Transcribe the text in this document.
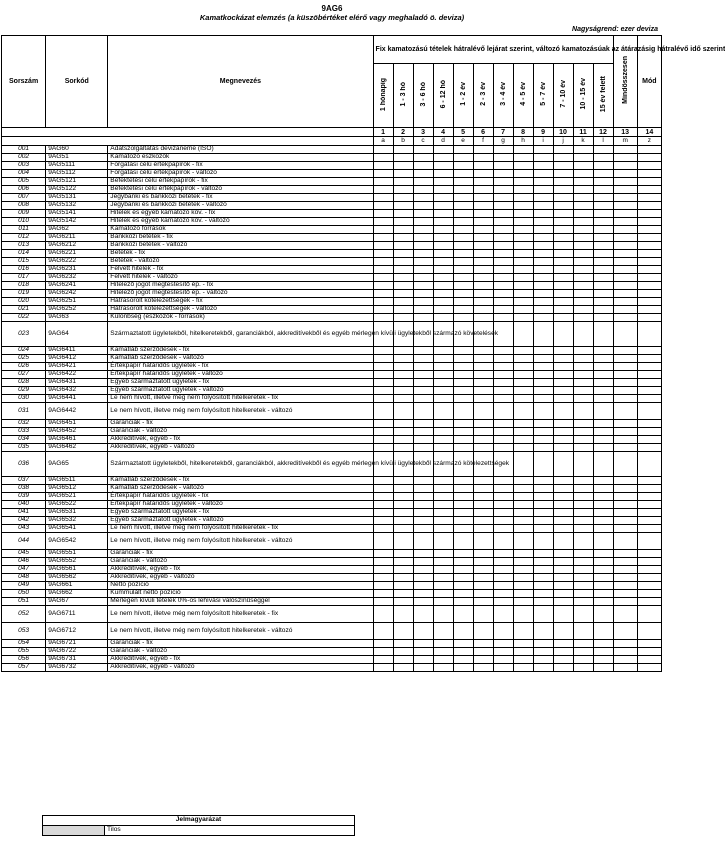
9AG6
Kamatkockázat elemzés (a küszöbértéket elérő vagy meghaladó ö. deviza)
Nagyságrend: ezer deviza
Sorszám	Sorkód	Megnevezés	Fix kamatozású tételek hátralévő lejárat szerint, változó kamatozásúak az átárazásig hátralévő idő szerint												Mindösszesen	Mód
			1 hónapig	1 - 3 hó	3 - 6 hó	6 - 12 hó	1 - 2 év	2 - 3 év	3 - 4 év	4 - 5 év	5 - 7 év	7 - 10 év	10 - 15 év	15 év felett		
			1	2	3	4	5	6	7	8	9	10	11	12	13	14
			a	b	c	d	e	f	g	h	i	j	k	l	m	z
001	9AG60	Adatszolgáltatás devizaneme (ISO)														
002	9AG51	Kamatozó eszközök														
003	9AG5111	Forgatási célú értékpapírok - fix														
004	9AG5112	Forgatási célú értékpapírok - változó														
005	9AG5121	Befektetési célú értékpapírok - fix														
006	9AG5122	Befektetési célú értékpapírok - változó														
007	9AG5131	Jegybanki és bankközi betétek - fix														
008	9AG5132	Jegybanki és bankközi betétek - változó														
009	9AG5141	Hitelek és egyéb kamatozó köv. - fix														
010	9AG5142	Hitelek és egyéb kamatozó köv. - változó														
011	9AG62	Kamatozó források														
012	9AG6211	Bankközi betétek - fix														
013	9AG6212	Bankközi betétek - változó														
014	9AG6221	Betétek - fix														
015	9AG6222	Betétek - változó														
016	9AG6231	Felvett hitelek - fix														
017	9AG6232	Felvett hitelek - változó														
018	9AG6241	Hitelező jogot megtestesítő ép. - fix														
019	9AG6242	Hitelező jogot megtestesítő ép. - változó														
020	9AG6251	Hátrasorolt kötelezettségek - fix														
021	9AG6252	Hátrasorolt kötelezettségek - változó														
022	9AG63	Különbség (eszközök - források)														
023	9AG64	Származtatott ügyletekből, hitelkeretekből, garanciákból, akkreditívekből és egyéb mérlegen kívüli ügyletekből származó követelések														
024	9AG6411	Kamatláb szerződések - fix														
025	9AG6412	Kamatláb szerződések - változó														
026	9AG6421	Értékpapír határidős ügyletek - fix														
027	9AG6422	Értékpapír határidős ügyletek - változó														
028	9AG6431	Egyéb származtatott ügyletek - fix														
029	9AG6432	Egyéb származtatott ügyletek - változó														
030	9AG6441	Le nem hívott, illetve még nem folyósított hitelkeretek - fix														
031	9AG6442	Le nem hívott, illetve még nem folyósított hitelkeretek - változó														
032	9AG6451	Garanciák - fix														
033	9AG6452	Garanciák - változó														
034	9AG6461	Akkreditívek, egyéb - fix														
035	9AG6462	Akkreditívek, egyéb - változó														
036	9AG65	Származtatott ügyletekből, hitelkeretekből, garanciákból, akkreditívekből és egyéb mérlegen kívüli ügyletekből származó kötelezettségek														
037	9AG6511	Kamatláb szerződések - fix														
038	9AG6512	Kamatláb szerződések - változó														
039	9AG6521	Értékpapír határidős ügyletek - fix														
040	9AG6522	Értékpapír határidős ügyletek - változó														
041	9AG6531	Egyéb származtatott ügyletek - fix														
042	9AG6532	Egyéb származtatott ügyletek - változó														
043	9AG6541	Le nem hívott, illetve még nem folyósított hitelkeretek - fix														
044	9AG6542	Le nem hívott, illetve még nem folyósított hitelkeretek - változó														
045	9AG6551	Garanciák - fix														
046	9AG6552	Garanciák - változó														
047	9AG6561	Akkreditívek, egyéb - fix														
048	9AG6562	Akkreditívek, egyéb - változó														
049	9AG661	Nettó pozíció														
050	9AG662	Kummulált nettó pozíció														
051	9AG67	Mérlegen kívüli tételek 0%-os lehívási valószínűséggel														
052	9AG6711	Le nem hívott, illetve még nem folyósított hitelkeretek - fix														
053	9AG6712	Le nem hívott, illetve még nem folyósított hitelkeretek - változó														
054	9AG6721	Garanciák - fix														
055	9AG6722	Garanciák - változó														
056	9AG6731	Akkreditívek, egyéb - fix														
057	9AG6732	Akkreditívek, egyéb - változó														
Jelmagyarázat
	Tilos
